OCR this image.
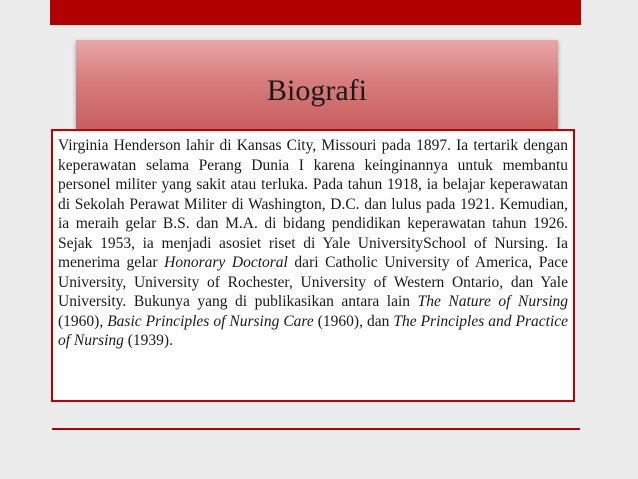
Biografi

Virginia Henderson lahir di Kansas City, Missouri pada 1897. Ia tertarik dengan keperawatan selama Perang Dunia I karena keinginannya untuk membantu personel militer yang sakit atau terluka. Pada tahun 1918, ia belajar keperawatan di Sekolah Perawat Militer di Washington, D.C. dan lulus pada 1921. Kemudian, ia meraih gelar B.S. dan M.A. di bidang pendidikan keperawatan tahun 1926. Sejak 1953, ia menjadi asosiet riset di Yale UniversitySchool of Nursing. Ia menerima gelar Honorary Doctoral dari Catholic University of America, Pace University, University of Rochester, University of Western Ontario, dan Yale University. Bukunya yang di publikasikan antara lain The Nature of Nursing (1960), Basic Principles of Nursing Care (1960), dan The Principles and Practice of Nursing (1939).
